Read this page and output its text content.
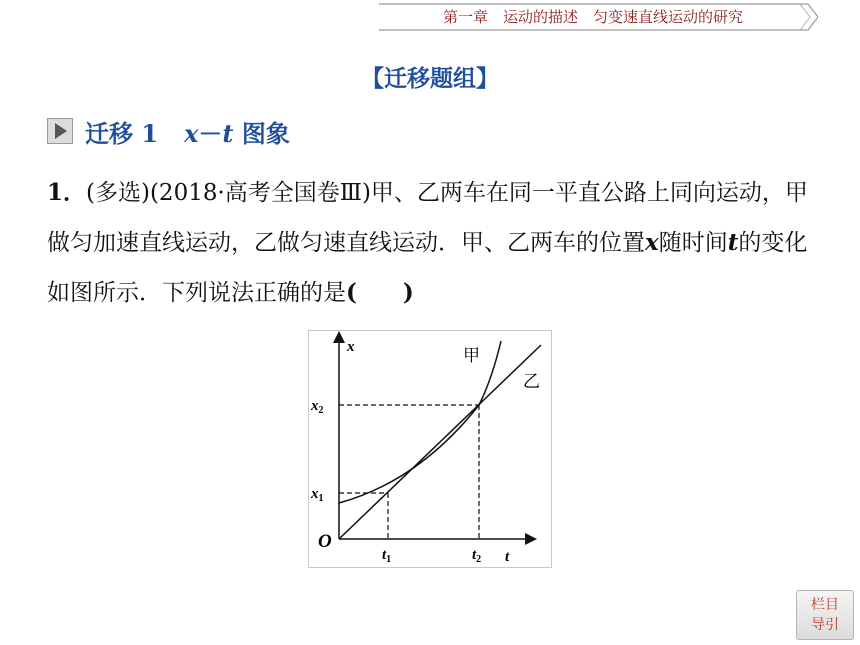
第一章　运动的描述　匀变速直线运动的研究
【迁移题组】
迁移 1 x－t 图象
1．(多选)(2018·高考全国卷Ⅲ)甲、乙两车在同一平直公路上同向运动，甲做匀加速直线运动，乙做匀速直线运动．甲、乙两车的位置x随时间t的变化如图所示．下列说法正确的是(　　)
x
t
O
$x_2$
$x_1$
$t_1$	$t_2$
甲
乙
栏目
导引
